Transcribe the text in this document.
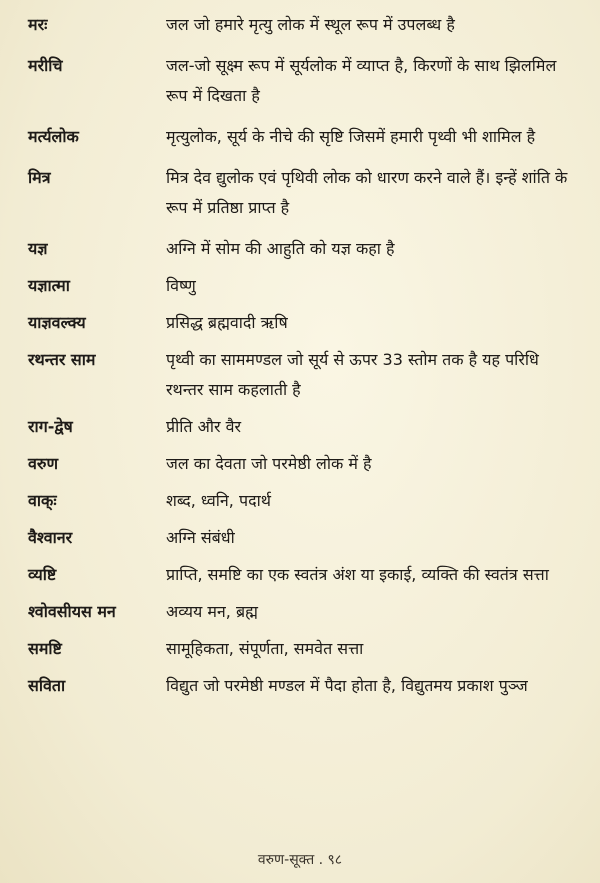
मरः	जल जो हमारे मृत्यु लोक में स्थूल रूप में उपलब्ध है
मरीचि	जल-जो सूक्ष्म रूप में सूर्यलोक में व्याप्त है, किरणों के साथ झिलमिल रूप में दिखता है
मर्त्यलोक	मृत्युलोक, सूर्य के नीचे की सृष्टि जिसमें हमारी पृथ्वी भी शामिल है
मित्र	मित्र देव द्युलोक एवं पृथिवी लोक को धारण करने वाले हैं। इन्हें शांति के रूप में प्रतिष्ठा प्राप्त है
यज्ञ	अग्नि में सोम की आहुति को यज्ञ कहा है
यज्ञात्मा	विष्णु
याज्ञवल्क्य	प्रसिद्ध ब्रह्मवादी ऋषि
रथन्तर साम	पृथ्वी का साममण्डल जो सूर्य से ऊपर 33 स्तोम तक है यह परिधि रथन्तर साम कहलाती है
राग-द्वेष	प्रीति और वैर
वरुण	जल का देवता जो परमेष्ठी लोक में है
वाक्ः	शब्द, ध्वनि, पदार्थ
वैश्वानर	अग्नि संबंधी
व्यष्टि	प्राप्ति, समष्टि का एक स्वतंत्र अंश या इकाई, व्यक्ति की स्वतंत्र सत्ता
श्वोवसीयस मन	अव्यय मन, ब्रह्म
समष्टि	सामूहिकता, संपूर्णता, समवेत सत्ता
सविता	विद्युत जो परमेष्ठी मण्डल में पैदा होता है, विद्युतमय प्रकाश पुञ्ज
वरुण-सूक्त . ९८
